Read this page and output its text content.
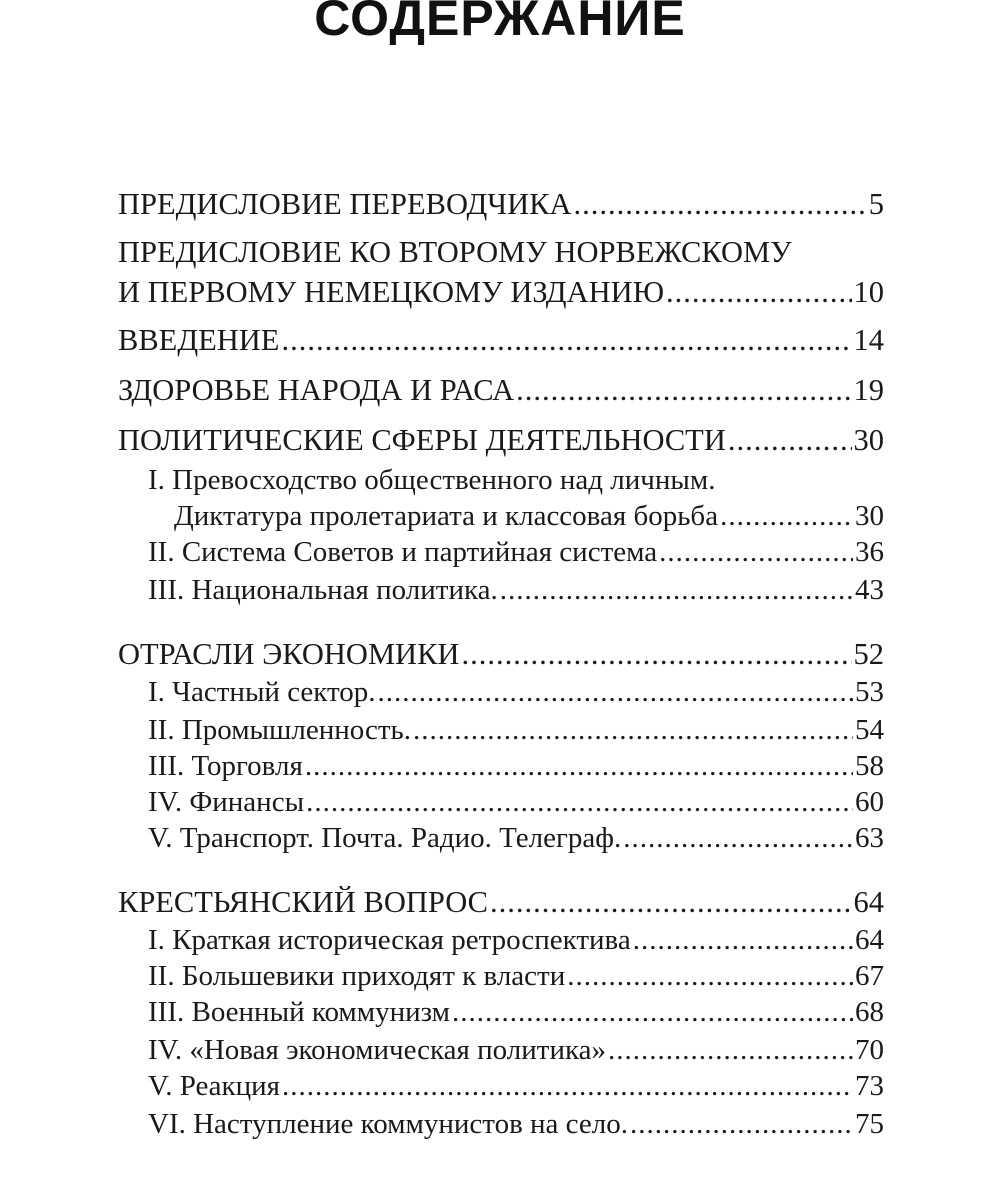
СОДЕРЖАНИЕ
ПРЕДИСЛОВИЕ ПЕРЕВОДЧИКА .....	5
ПРЕДИСЛОВИЕ КО ВТОРОМУ НОРВЕЖСКОМУ
И ПЕРВОМУ НЕМЕЦКОМУ ИЗДАНИЮ .....	10
ВВЕДЕНИЕ .....	14
ЗДОРОВЬЕ НАРОДА И РАСА .....	19
ПОЛИТИЧЕСКИЕ СФЕРЫ ДЕЯТЕЛЬНОСТИ .....	30
I. Превосходство общественного над личным.
Диктатура пролетариата и классовая борьба .....	30
II. Система Советов и партийная система .....	36
III. Национальная политика. .....	43
ОТРАСЛИ ЭКОНОМИКИ .....	52
I. Частный сектор. .....	53
II. Промышленность. .....	54
III. Торговля .....	58
IV. Финансы .....	60
V. Транспорт. Почта. Радио. Телеграф. .....	63
КРЕСТЬЯНСКИЙ ВОПРОС .....	64
I. Краткая историческая ретроспектива .....	64
II. Большевики приходят к власти .....	67
III. Военный коммунизм .....	68
IV. «Новая экономическая политика» .....	70
V. Реакция .....	73
VI. Наступление коммунистов на село. .....	75
